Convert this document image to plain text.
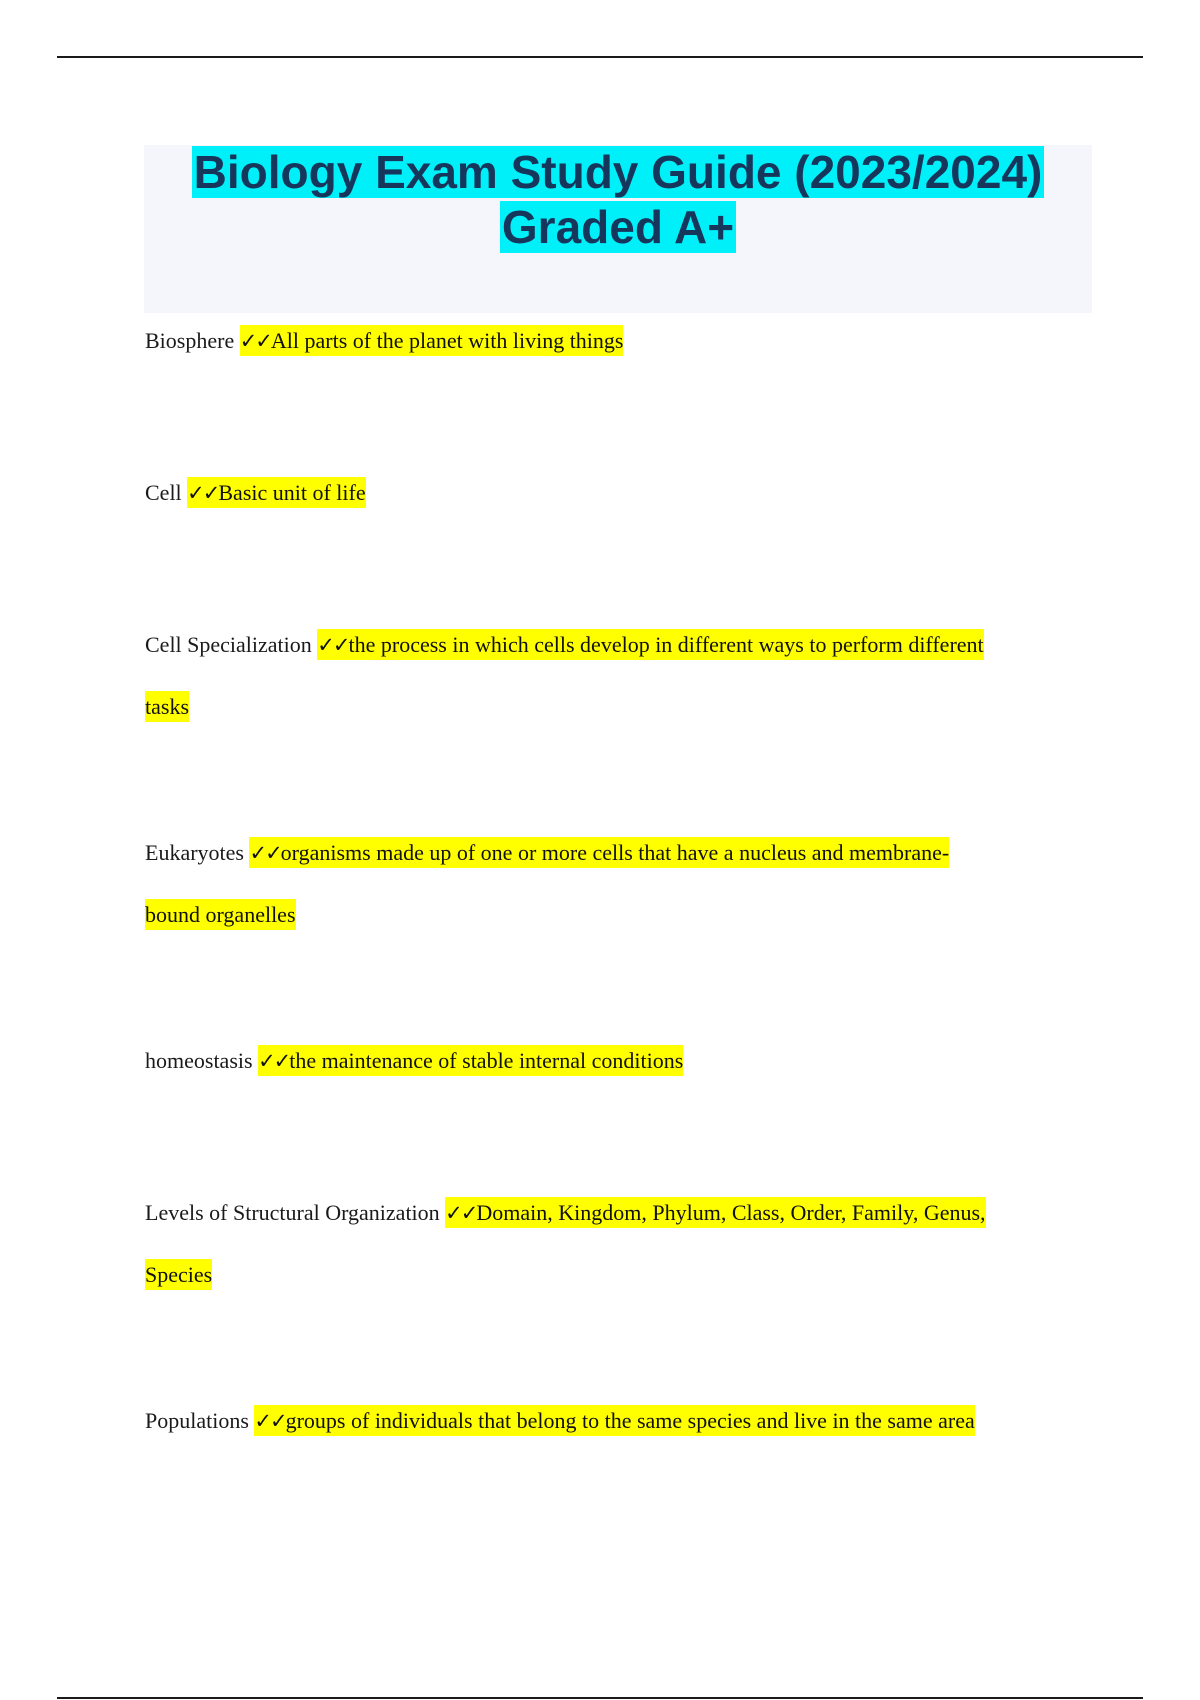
Biology Exam Study Guide (2023/2024)
Graded A+
Biosphere ✓✓All parts of the planet with living things
Cell ✓✓Basic unit of life
Cell Specialization ✓✓the process in which cells develop in different ways to perform different
tasks
Eukaryotes ✓✓organisms made up of one or more cells that have a nucleus and membrane-
bound organelles
homeostasis ✓✓the maintenance of stable internal conditions
Levels of Structural Organization ✓✓Domain, Kingdom, Phylum, Class, Order, Family, Genus,
Species
Populations ✓✓groups of individuals that belong to the same species and live in the same area
